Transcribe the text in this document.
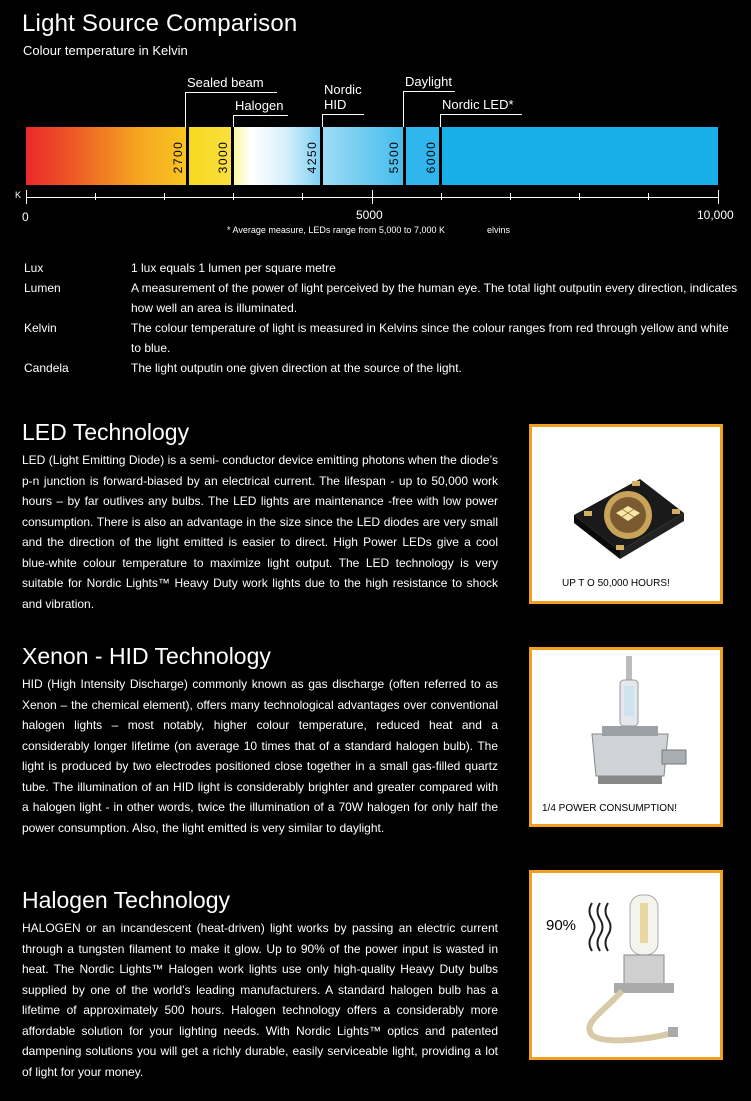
Light Source Comparison
Colour temperature in Kelvin
Sealed beam
Halogen
Nordic
HID
Daylight
Nordic LED*
2700	3000	4250	5500 6000
K
0	5000	10,000
* Average measure, LEDs range from 5,000 to 7,000 K	elvins
Lux	1 lux equals 1 lumen per square metre
Lumen	A measurement of the power of light perceived by the human eye. The total light outputin every direction, indicates how well an area is illuminated.
Kelvin	The colour temperature of light is measured in Kelvins since the colour ranges from red through yellow and white to blue.
Candela	The light outputin one given direction at the source of the light.
LED Technology
LED (Light Emitting Diode) is a semi- conductor device emitting photons when the diode’s p-n junction is forward-biased by an electrical current. The lifespan - up to 50,000 work hours – by far outlives any bulbs. The LED lights are maintenance -free with low power consumption. There is also an advantage in the size since the LED diodes are very small and the direction of the light emitted is easier to direct. High Power LEDs give a cool blue-white colour temperature to maximize light output. The LED technology is very suitable for Nordic Lights™ Heavy Duty work lights due to the high resistance to shock and vibration.
UP T O 50,000 HOURS!
Xenon - HID Technology
HID (High Intensity Discharge) commonly known as gas discharge (often referred to as Xenon – the chemical element), offers many technological advantages over conventional halogen lights – most notably, higher colour temperature, reduced heat and a considerably longer lifetime (on average 10 times that of a standard halogen bulb). The light is produced by two electrodes positioned close together in a small gas-filled quartz tube. The illumination of an HID light is considerably brighter and greater compared with a halogen light - in other words, twice the illumination of a 70W halogen for only half the power consumption. Also, the light emitted is very similar to daylight.
1/4 POWER CONSUMPTION!
Halogen Technology
HALOGEN or an incandescent (heat-driven) light works by passing an electric current through a tungsten filament to make it glow. Up to 90% of the power input is wasted in heat. The Nordic Lights™ Halogen work lights use only high-quality Heavy Duty bulbs supplied by one of the world’s leading manufacturers. A standard halogen bulb has a lifetime of approximately 500 hours. Halogen technology offers a considerably more affordable solution for your lighting needs. With Nordic Lights™ optics and patented dampening solutions you will get a richly durable, easily serviceable light, providing a lot of light for your money.
90%
